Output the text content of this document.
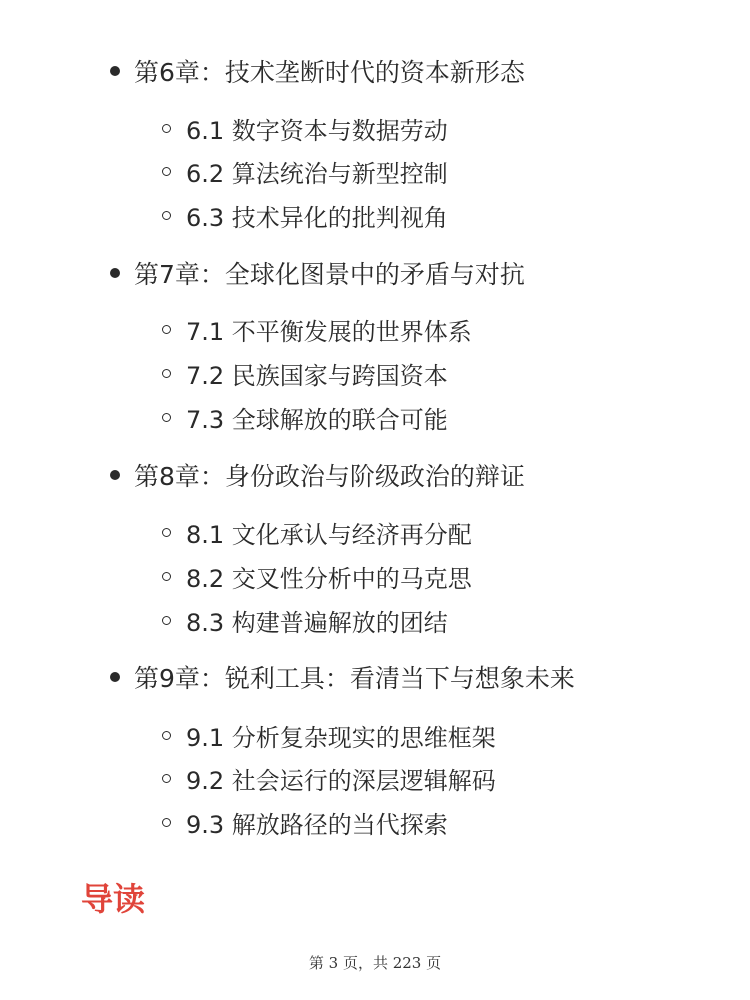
第6章：技术垄断时代的资本新形态
6.1 数字资本与数据劳动
6.2 算法统治与新型控制
6.3 技术异化的批判视角
第7章：全球化图景中的矛盾与对抗
7.1 不平衡发展的世界体系
7.2 民族国家与跨国资本
7.3 全球解放的联合可能
第8章：身份政治与阶级政治的辩证
8.1 文化承认与经济再分配
8.2 交叉性分析中的马克思
8.3 构建普遍解放的团结
第9章：锐利工具：看清当下与想象未来
9.1 分析复杂现实的思维框架
9.2 社会运行的深层逻辑解码
9.3 解放路径的当代探索
导读
第 3 页，共 223 页
